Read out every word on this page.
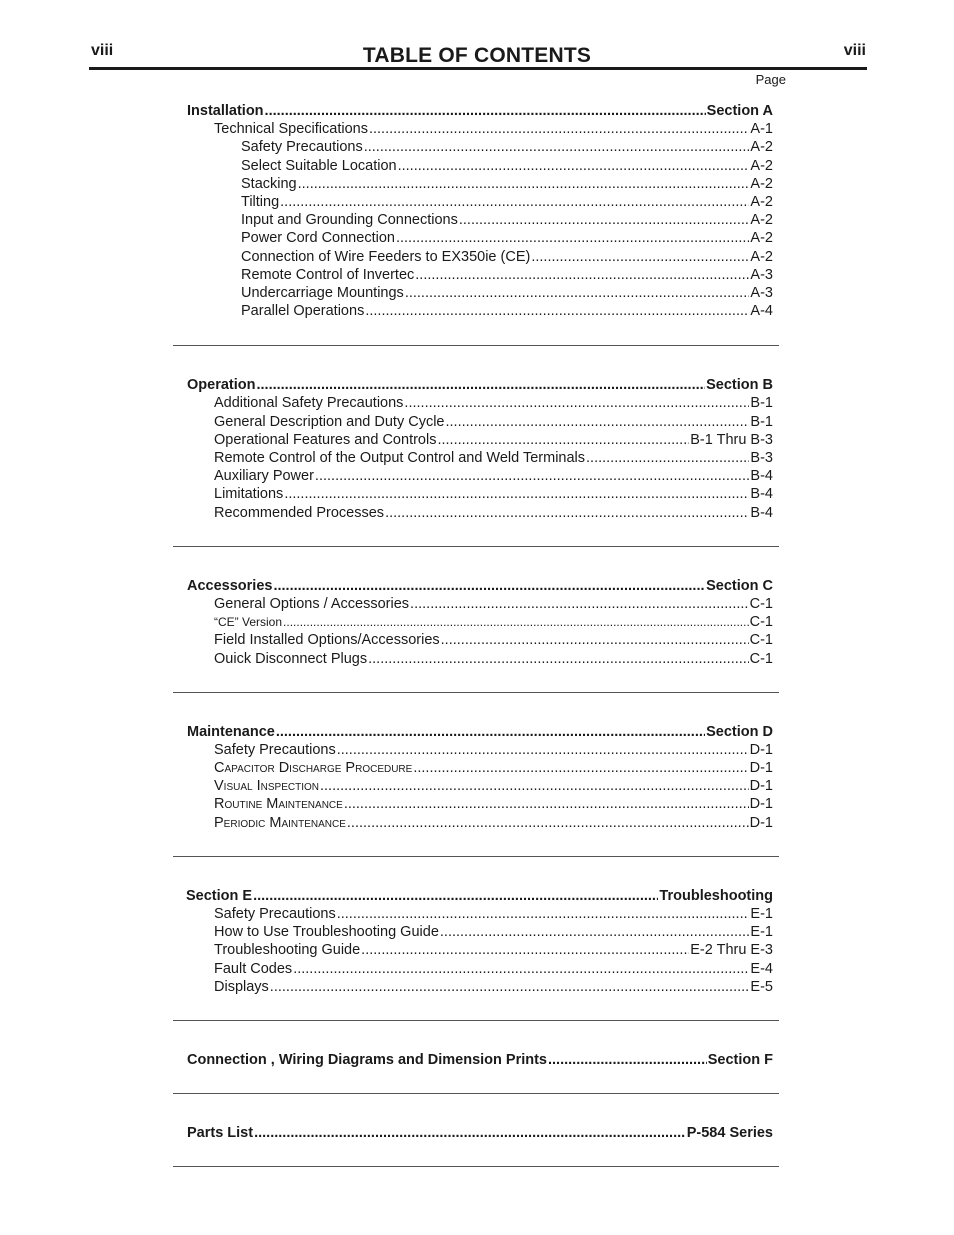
viii	TABLE OF CONTENTS	viii
Page
Installation .....	Section A
Technical Specifications .....	A-1
Safety Precautions .....	A-2
Select Suitable Location .....	A-2
Stacking .....	A-2
Tilting .....	A-2
Input and Grounding Connections .....	A-2
Power Cord Connection .....	A-2
Connection of Wire Feeders to EX350ie (CE) .....	A-2
Remote Control of Invertec .....	A-3
Undercarriage Mountings .....	A-3
Parallel Operations .....	A-4
Operation .....	Section B
Additional Safety Precautions .....	B-1
General Description and Duty Cycle .....	B-1
Operational Features and Controls .....	B-1 Thru B-3
Remote Control of the Output Control and Weld Terminals .....	B-3
Auxiliary Power .....	B-4
Limitations .....	B-4
Recommended Processes .....	B-4
Accessories .....	Section C
General Options / Accessories .....	C-1
“CE” Version .....	C-1
Field Installed Options/Accessories .....	C-1
Ouick Disconnect Plugs .....	C-1
Maintenance .....	Section D
Safety Precautions .....	D-1
Capacitor Discharge Procedure .....	D-1
Visual Inspection .....	D-1
Routine Maintenance .....	D-1
Periodic Maintenance .....	D-1
Section E .....	Troubleshooting
Safety Precautions .....	E-1
How to Use Troubleshooting Guide .....	E-1
Troubleshooting Guide .....	E-2 Thru E-3
Fault Codes .....	E-4
Displays .....	E-5
Connection , Wiring Diagrams and Dimension Prints .....	Section F
Parts List .....	P-584 Series
